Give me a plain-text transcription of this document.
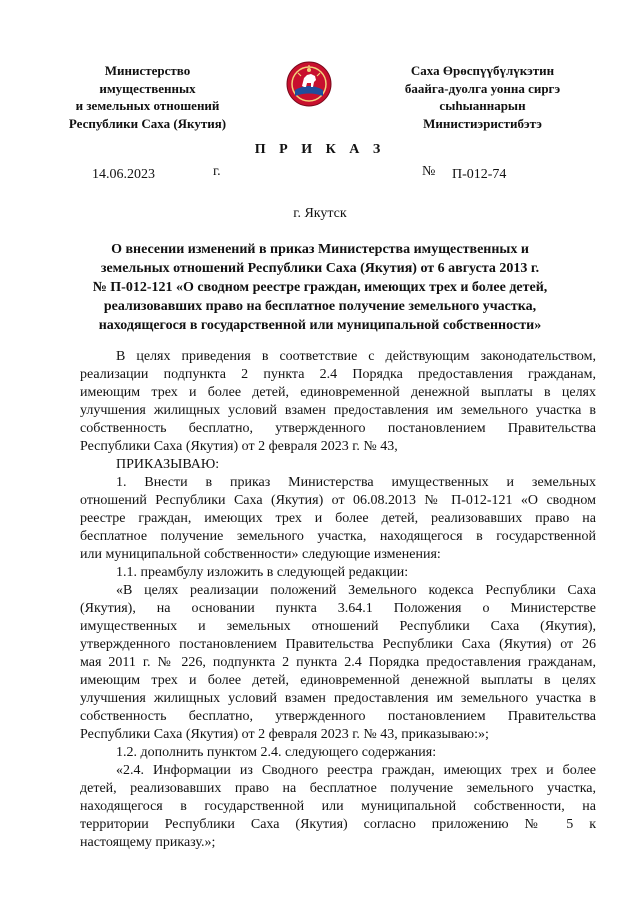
Министерство
имущественных
и земельных отношений
Республики Саха (Якутия)
Саха Өрөспүүбүлүкэтин
баайга-дуолга уонна сиргэ
сыһыаннарын
Министиэристибэтэ
П Р И К А З
14.06.2023	г.	№ П-012-74
г. Якутск
О внесении изменений в приказ Министерства имущественных и
земельных отношений Республики Саха (Якутия) от 6 августа 2013 г.
№ П-012-121 «О сводном реестре граждан, имеющих трех и более детей,
реализовавших право на бесплатное получение земельного участка,
находящегося в государственной или муниципальной собственности»
В целях приведения в соответствие с действующим законодательством,
реализации подпункта 2 пункта 2.4 Порядка предоставления гражданам,
имеющим трех и более детей, единовременной денежной выплаты в целях
улучшения жилищных условий взамен предоставления им земельного участка в
собственность бесплатно, утвержденного постановлением Правительства
Республики Саха (Якутия) от 2 февраля 2023 г. № 43,
ПРИКАЗЫВАЮ:
1. Внести в приказ Министерства имущественных и земельных
отношений Республики Саха (Якутия) от 06.08.2013 № П-012-121 «О сводном
реестре граждан, имеющих трех и более детей, реализовавших право на
бесплатное получение земельного участка, находящегося в государственной
или муниципальной собственности» следующие изменения:
1.1. преамбулу изложить в следующей редакции:
«В целях реализации положений Земельного кодекса Республики Саха
(Якутия), на основании пункта 3.64.1 Положения о Министерстве
имущественных и земельных отношений Республики Саха (Якутия),
утвержденного постановлением Правительства Республики Саха (Якутия) от 26
мая 2011 г. № 226, подпункта 2 пункта 2.4 Порядка предоставления гражданам,
имеющим трех и более детей, единовременной денежной выплаты в целях
улучшения жилищных условий взамен предоставления им земельного участка в
собственность бесплатно, утвержденного постановлением Правительства
Республики Саха (Якутия) от 2 февраля 2023 г. № 43, приказываю:»;
1.2. дополнить пунктом 2.4. следующего содержания:
«2.4. Информации из Сводного реестра граждан, имеющих трех и более
детей, реализовавших право на бесплатное получение земельного участка,
находящегося в государственной или муниципальной собственности, на
территории Республики Саха (Якутия) согласно приложению № 5 к
настоящему приказу.»;
